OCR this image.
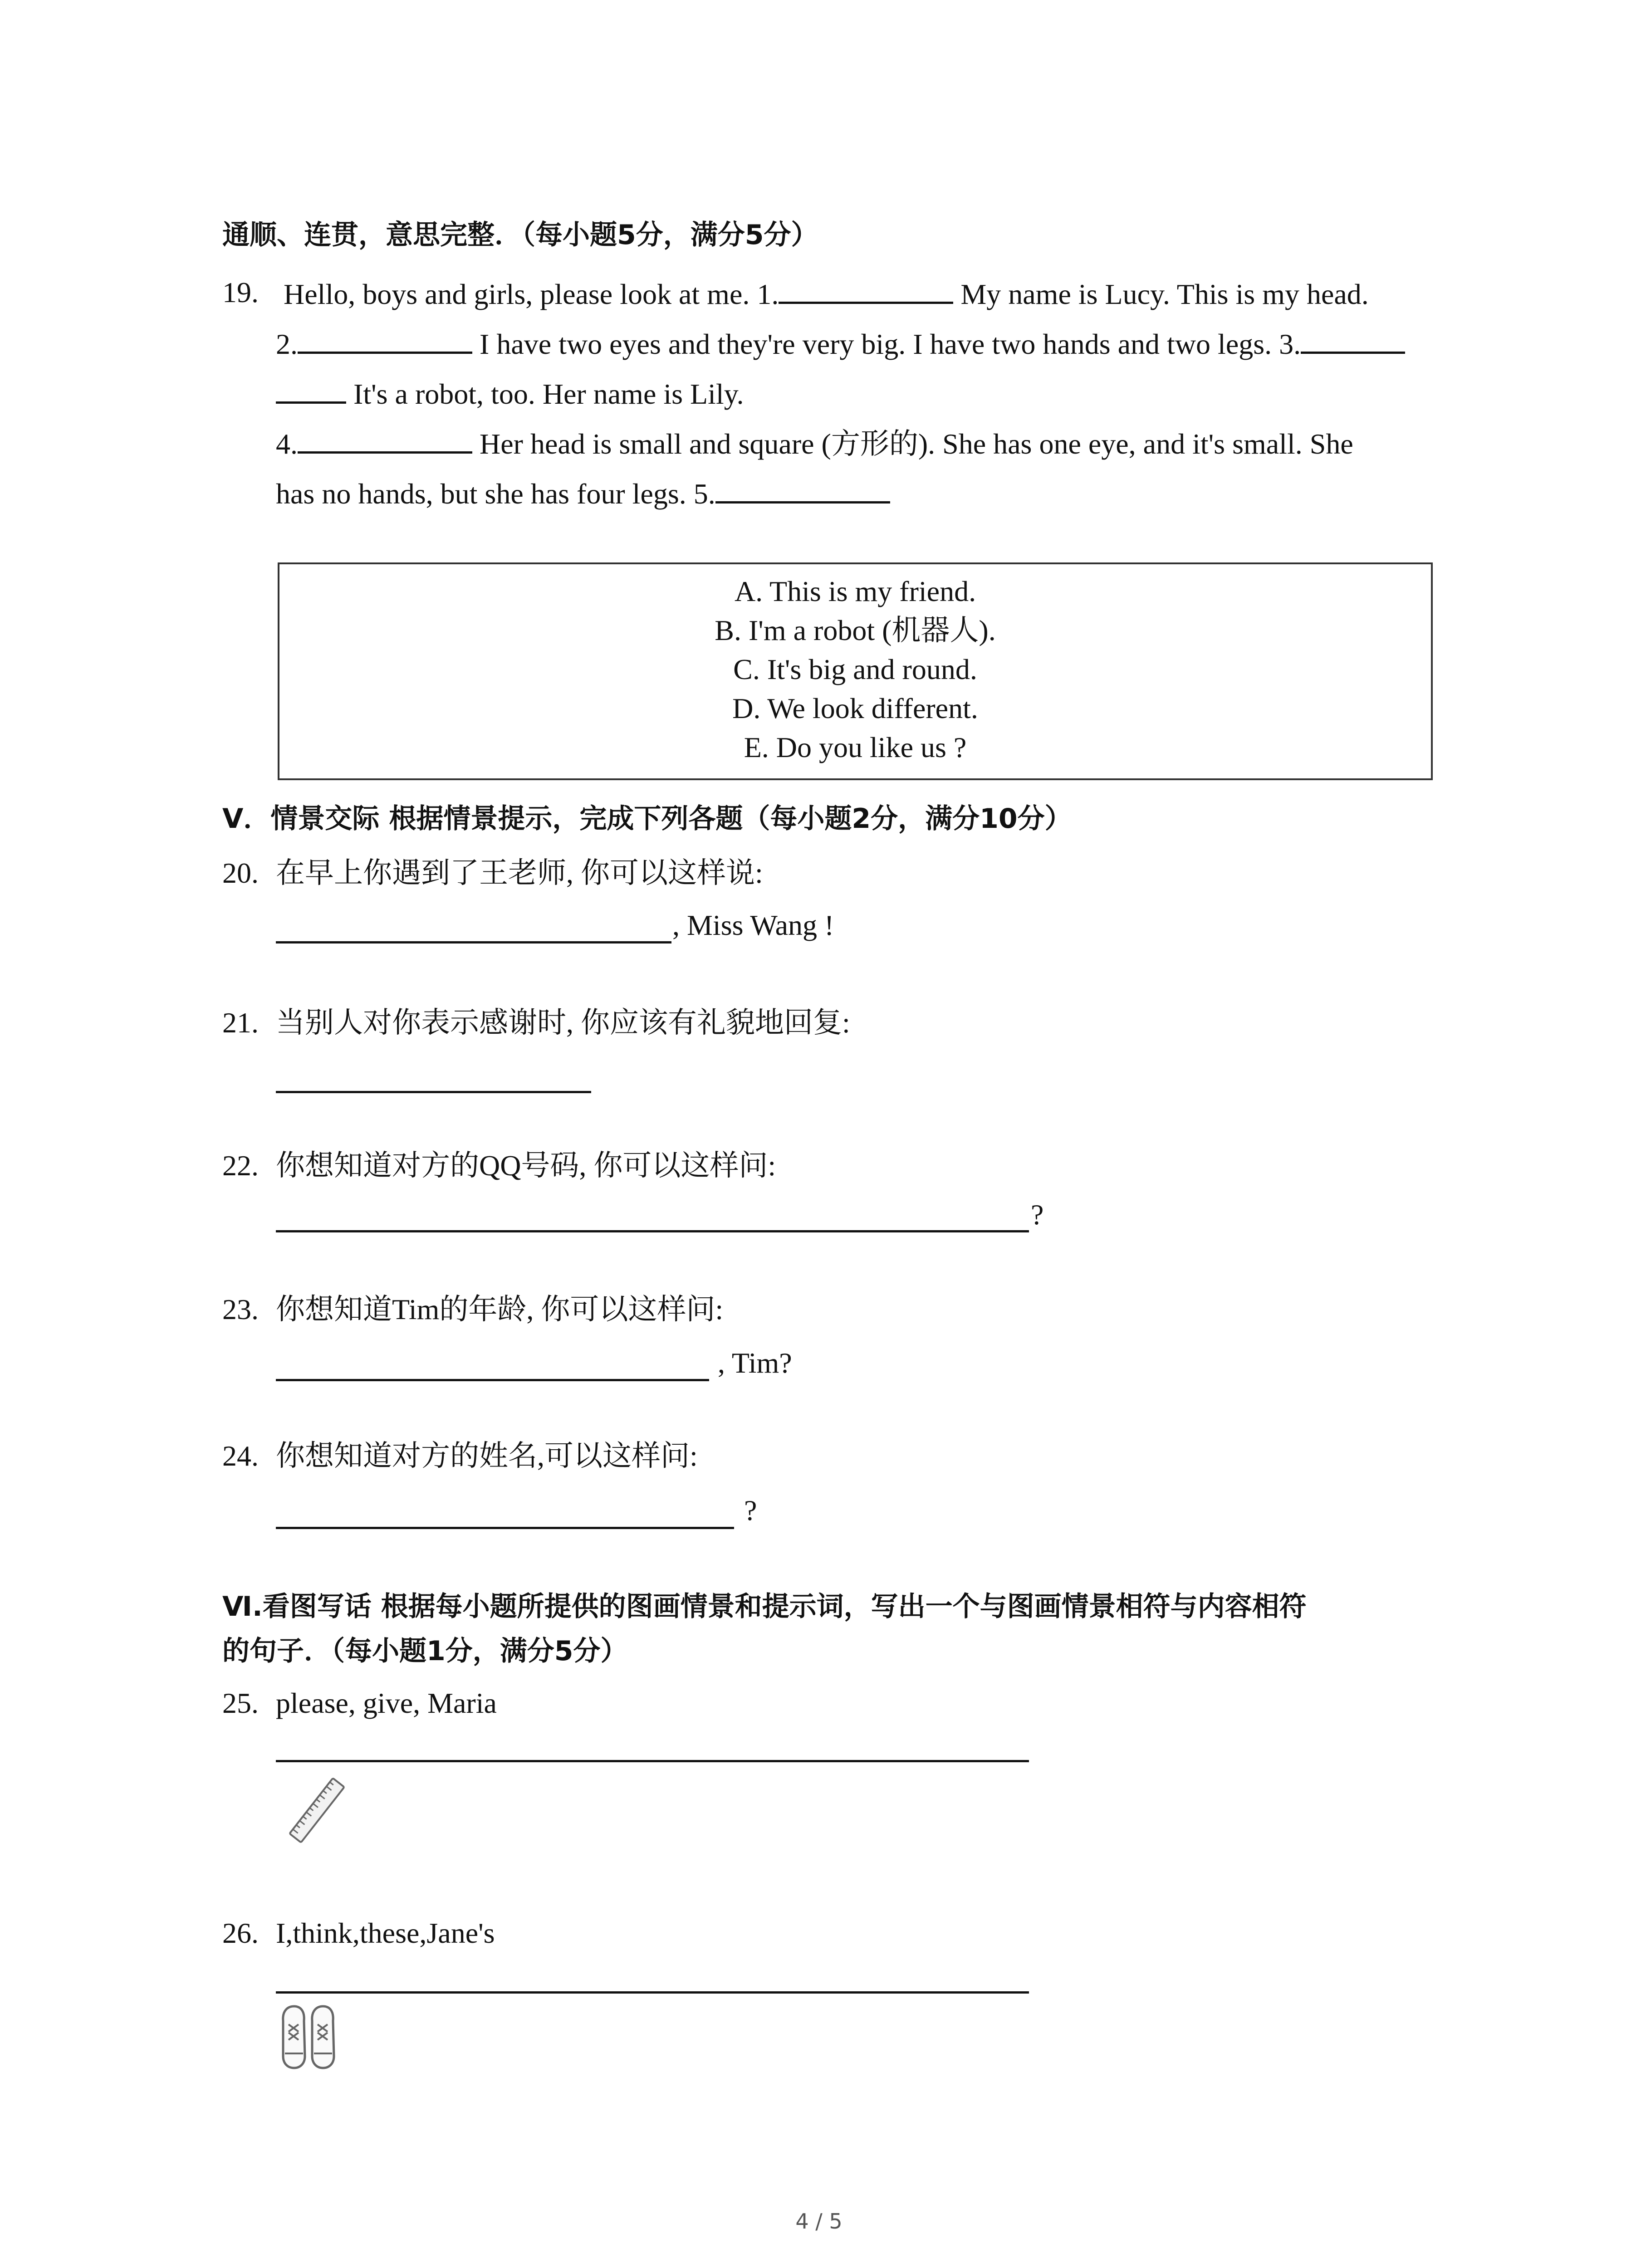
通顺、连贯，意思完整．（每小题5分，满分5分）
19. Hello, boys and girls, please look at me. 1.	My name is Lucy. This is my head.
2.	I have two eyes and they're very big. I have two hands and two legs. 3.
It's a robot, too. Her name is Lily.
4.	Her head is small and square (方形的). She has one eye, and it's small. She
has no hands, but she has four legs. 5.
A. This is my friend.
B. I'm a robot (机器人).
C. It's big and round.
D. We look different.
E. Do you like us ?
Ⅴ．情景交际 根据情景提示，完成下列各题（每小题2分，满分10分）
20. 在早上你遇到了王老师, 你可以这样说:
, Miss Wang !
21. 当别人对你表示感谢时, 你应该有礼貌地回复:
22. 你想知道对方的QQ号码, 你可以这样问:
?
23. 你想知道Tim的年龄, 你可以这样问:
, Tim?
24. 你想知道对方的姓名,可以这样问:
?
Ⅵ.看图写话 根据每小题所提供的图画情景和提示词，写出一个与图画情景相符与内容相符
的句子．（每小题1分，满分5分）
25. please, give, Maria
26. I,think,these,Jane's
4 / 5
